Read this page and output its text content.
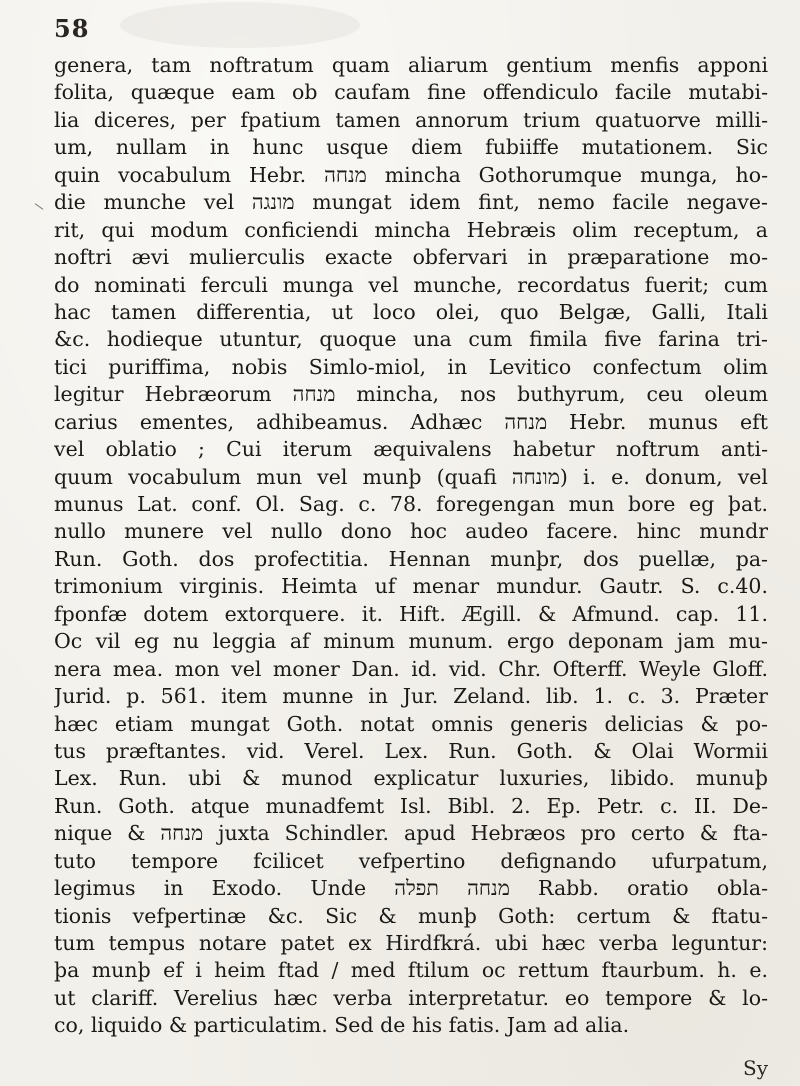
58
genera, tam noftratum quam aliarum gentium menfis apponi
folita, quæque eam ob caufam fine offendiculo facile mutabi-
lia diceres, per fpatium tamen annorum trium quatuorve milli-
um, nullam in hunc usque diem fubiiffe mutationem. Sic
quin vocabulum Hebr. מנחה mincha Gothorumque munga, ho-
die munche vel מונגה mungat idem fint, nemo facile negave-
rit, qui modum conficiendi mincha Hebræis olim receptum, a
noftri ævi mulierculis exacte obfervari in præparatione mo-
do nominati ferculi munga vel munche, recordatus fuerit; cum
hac tamen differentia, ut loco olei, quo Belgæ, Galli, Itali
&c. hodieque utuntur, quoque una cum fimila five farina tri-
tici puriffima, nobis Simlo-miol, in Levitico confectum olim
legitur Hebræorum מנחה mincha, nos buthyrum, ceu oleum
carius ementes, adhibeamus. Adhæc מנחה Hebr. munus eft
vel oblatio ; Cui iterum æquivalens habetur noftrum anti-
quum vocabulum mun vel munþ (quafi מונחה) i. e. donum, vel
munus Lat. conf. Ol. Sag. c. 78. foregengan mun bore eg þat.
nullo munere vel nullo dono hoc audeo facere. hinc mundr
Run. Goth. dos profectitia. Hennan munþr, dos puellæ, pa-
trimonium virginis. Heimta uf menar mundur. Gautr. S. c.40.
fponfæ dotem extorquere. it. Hift. Ægill. & Afmund. cap. 11.
Oc vil eg nu leggia af minum munum. ergo deponam jam mu-
nera mea. mon vel moner Dan. id. vid. Chr. Ofterff. Weyle Gloff.
Jurid. p. 561. item munne in Jur. Zeland. lib. 1. c. 3. Præter
hæc etiam mungat Goth. notat omnis generis delicias & po-
tus præftantes. vid. Verel. Lex. Run. Goth. & Olai Wormii
Lex. Run. ubi & munod explicatur luxuries, libido. munuþ
Run. Goth. atque munadfemt Isl. Bibl. 2. Ep. Petr. c. II. De-
nique & מנחה juxta Schindler. apud Hebræos pro certo & fta-
tuto tempore fcilicet vefpertino defignando ufurpatum,
legimus in Exodo. Unde מנחה תפלה Rabb. oratio obla-
tionis vefpertinæ &c. Sic & munþ Goth: certum & ftatu-
tum tempus notare patet ex Hirdfkrá. ubi hæc verba leguntur:
þa munþ ef i heim ftad / med ftilum oc rettum ftaurbum. h. e.
ut clariff. Verelius hæc verba interpretatur. eo tempore & lo-
co, liquido & particulatim. Sed de his fatis. Jam ad alia.
Sy
